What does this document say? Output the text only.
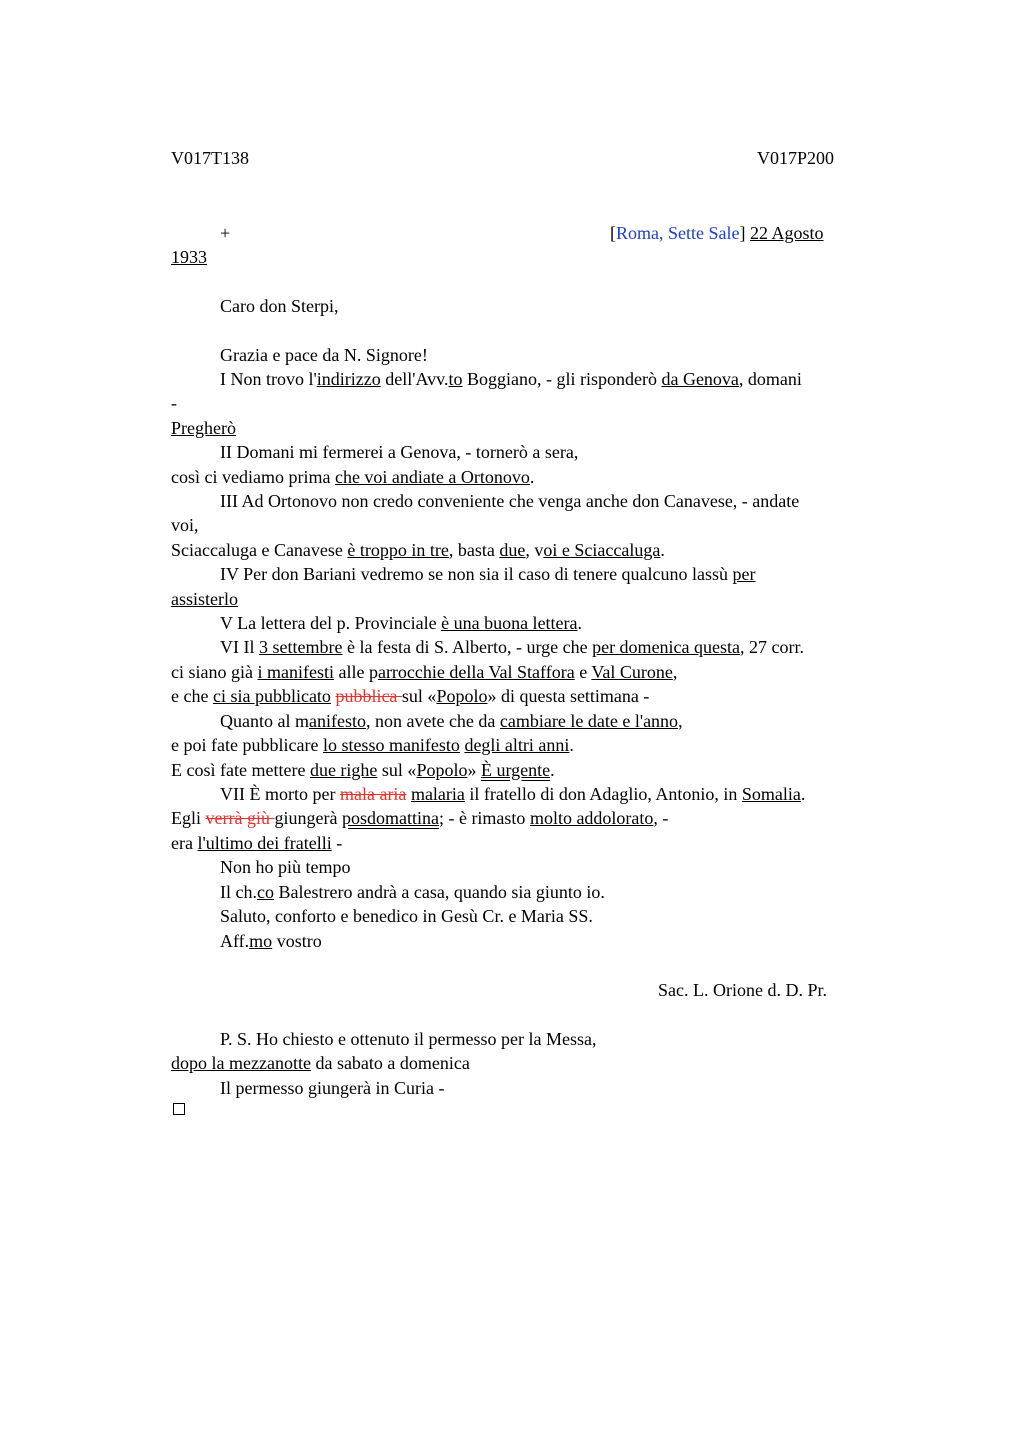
V017T138	V017P200
+	[Roma, Sette Sale] 22 Agosto
1933
Caro don Sterpi,
Grazia e pace da N. Signore!
I Non trovo l'indirizzo dell'Avv.to Boggiano, - gli risponderò da Genova, domani
-
Pregherò
II Domani mi fermerei a Genova, - tornerò a sera,
così ci vediamo prima che voi andiate a Ortonovo.
III Ad Ortonovo non credo conveniente che venga anche don Canavese, - andate
voi,
Sciaccaluga e Canavese è troppo in tre, basta due, voi e Sciaccaluga.
IV Per don Bariani vedremo se non sia il caso di tenere qualcuno lassù per
assisterlo
V La lettera del p. Provinciale è una buona lettera.
VI Il 3 settembre è la festa di S. Alberto, - urge che per domenica questa, 27 corr.
ci siano già i manifesti alle parrocchie della Val Staffora e Val Curone,
e che ci sia pubblicato pubblica sul «Popolo» di questa settimana -
Quanto al manifesto, non avete che da cambiare le date e l'anno,
e poi fate pubblicare lo stesso manifesto degli altri anni.
E così fate mettere due righe sul «Popolo» È urgente.
VII È morto per mala aria malaria il fratello di don Adaglio, Antonio, in Somalia.
Egli verrà giù giungerà posdomattina; - è rimasto molto addolorato, -
era l'ultimo dei fratelli -
Non ho più tempo
Il ch.co Balestrero andrà a casa, quando sia giunto io.
Saluto, conforto e benedico in Gesù Cr. e Maria SS.
Aff.mo vostro
Sac. L. Orione d. D. Pr.
P. S. Ho chiesto e ottenuto il permesso per la Messa,
dopo la mezzanotte da sabato a domenica
Il permesso giungerà in Curia -
